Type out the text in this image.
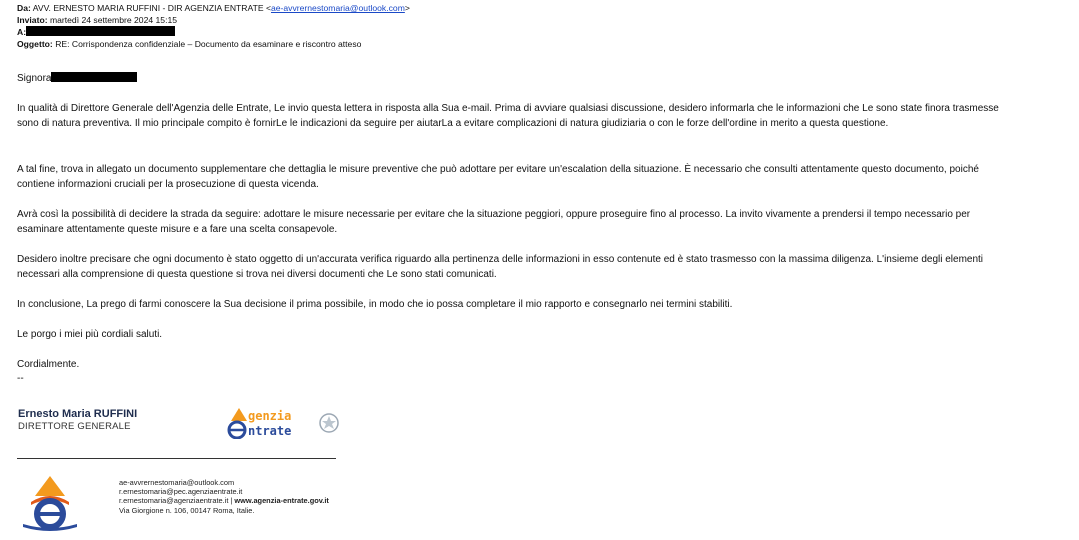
Da: AVV. ERNESTO MARIA RUFFINI - DIR AGENZIA ENTRATE <ae-avvrernestomaria@outlook.com>
Inviato: martedì 24 settembre 2024 15:15
A:
Oggetto: RE: Corrispondenza confidenziale – Documento da esaminare e riscontro atteso
Signora
In qualità di Direttore Generale dell'Agenzia delle Entrate, Le invio questa lettera in risposta alla Sua e-mail. Prima di avviare qualsiasi discussione, desidero informarla che le informazioni che Le sono state finora trasmesse sono di natura preventiva. Il mio principale compito è fornirLe le indicazioni da seguire per aiutarLa a evitare complicazioni di natura giudiziaria o con le forze dell'ordine in merito a questa questione.
A tal fine, trova in allegato un documento supplementare che dettaglia le misure preventive che può adottare per evitare un'escalation della situazione. È necessario che consulti attentamente questo documento, poiché contiene informazioni cruciali per la prosecuzione di questa vicenda.
Avrà così la possibilità di decidere la strada da seguire: adottare le misure necessarie per evitare che la situazione peggiori, oppure proseguire fino al processo. La invito vivamente a prendersi il tempo necessario per esaminare attentamente queste misure e a fare una scelta consapevole.
Desidero inoltre precisare che ogni documento è stato oggetto di un'accurata verifica riguardo alla pertinenza delle informazioni in esso contenute ed è stato trasmesso con la massima diligenza. L'insieme degli elementi necessari alla comprensione di questa questione si trova nei diversi documenti che Le sono stati comunicati.
In conclusione, La prego di farmi conoscere la Sua decisione il prima possibile, in modo che io possa completare il mio rapporto e consegnarlo nei termini stabiliti.
Le porgo i miei più cordiali saluti.
Cordialmente.
--
Ernesto Maria RUFFINI
DIRETTORE GENERALE
genzia
ntrate
ae-avvrernestomaria@outlook.com
r.ernestomaria@pec.agenziaentrate.it
r.ernestomaria@agenziaentrate.it | www.agenzia-entrate.gov.it
Via Giorgione n. 106, 00147 Roma, Italie.
